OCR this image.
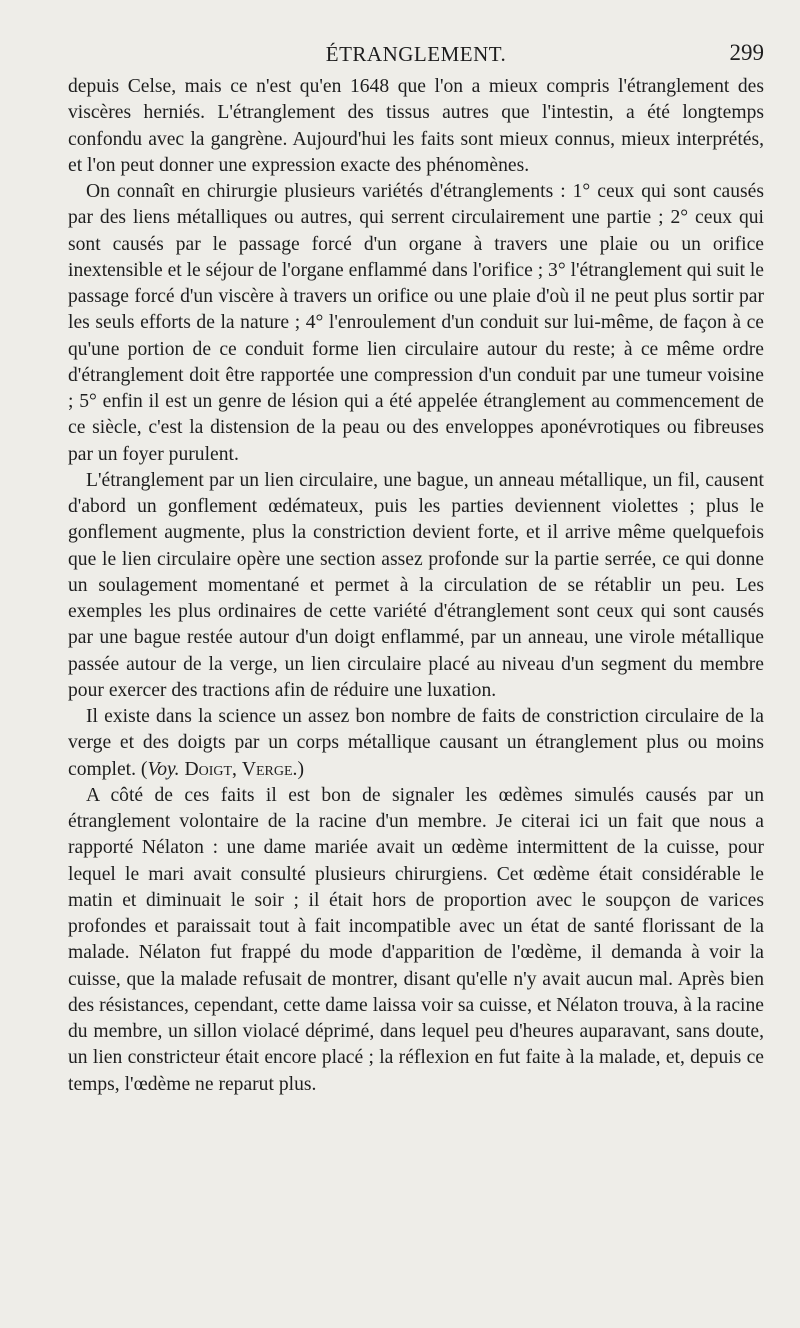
ÉTRANGLEMENT.	299

depuis Celse, mais ce n'est qu'en 1648 que l'on a mieux compris l'étranglement des viscères herniés. L'étranglement des tissus autres que l'intestin, a été longtemps confondu avec la gangrène. Aujourd'hui les faits sont mieux connus, mieux interprétés, et l'on peut donner une expression exacte des phénomènes.

On connaît en chirurgie plusieurs variétés d'étranglements : 1° ceux qui sont causés par des liens métalliques ou autres, qui serrent circulairement une partie ; 2° ceux qui sont causés par le passage forcé d'un organe à travers une plaie ou un orifice inextensible et le séjour de l'organe enflammé dans l'orifice ; 3° l'étranglement qui suit le passage forcé d'un viscère à travers un orifice ou une plaie d'où il ne peut plus sortir par les seuls efforts de la nature ; 4° l'enroulement d'un conduit sur lui-même, de façon à ce qu'une portion de ce conduit forme lien circulaire autour du reste; à ce même ordre d'étranglement doit être rapportée une compression d'un conduit par une tumeur voisine ; 5° enfin il est un genre de lésion qui a été appelée étranglement au commencement de ce siècle, c'est la distension de la peau ou des enveloppes aponévrotiques ou fibreuses par un foyer purulent.

L'étranglement par un lien circulaire, une bague, un anneau métallique, un fil, causent d'abord un gonflement œdémateux, puis les parties deviennent violettes ; plus le gonflement augmente, plus la constriction devient forte, et il arrive même quelquefois que le lien circulaire opère une section assez profonde sur la partie serrée, ce qui donne un soulagement momentané et permet à la circulation de se rétablir un peu. Les exemples les plus ordinaires de cette variété d'étranglement sont ceux qui sont causés par une bague restée autour d'un doigt enflammé, par un anneau, une virole métallique passée autour de la verge, un lien circulaire placé au niveau d'un segment du membre pour exercer des tractions afin de réduire une luxation.

Il existe dans la science un assez bon nombre de faits de constriction circulaire de la verge et des doigts par un corps métallique causant un étranglement plus ou moins complet. (Voy. Doigt, Verge.)

A côté de ces faits il est bon de signaler les œdèmes simulés causés par un étranglement volontaire de la racine d'un membre. Je citerai ici un fait que nous a rapporté Nélaton : une dame mariée avait un œdème intermittent de la cuisse, pour lequel le mari avait consulté plusieurs chirurgiens. Cet œdème était considérable le matin et diminuait le soir ; il était hors de proportion avec le soupçon de varices profondes et paraissait tout à fait incompatible avec un état de santé florissant de la malade. Nélaton fut frappé du mode d'apparition de l'œdème, il demanda à voir la cuisse, que la malade refusait de montrer, disant qu'elle n'y avait aucun mal. Après bien des résistances, cependant, cette dame laissa voir sa cuisse, et Nélaton trouva, à la racine du membre, un sillon violacé déprimé, dans lequel peu d'heures auparavant, sans doute, un lien constricteur était encore placé ; la réflexion en fut faite à la malade, et, depuis ce temps, l'œdème ne reparut plus.
